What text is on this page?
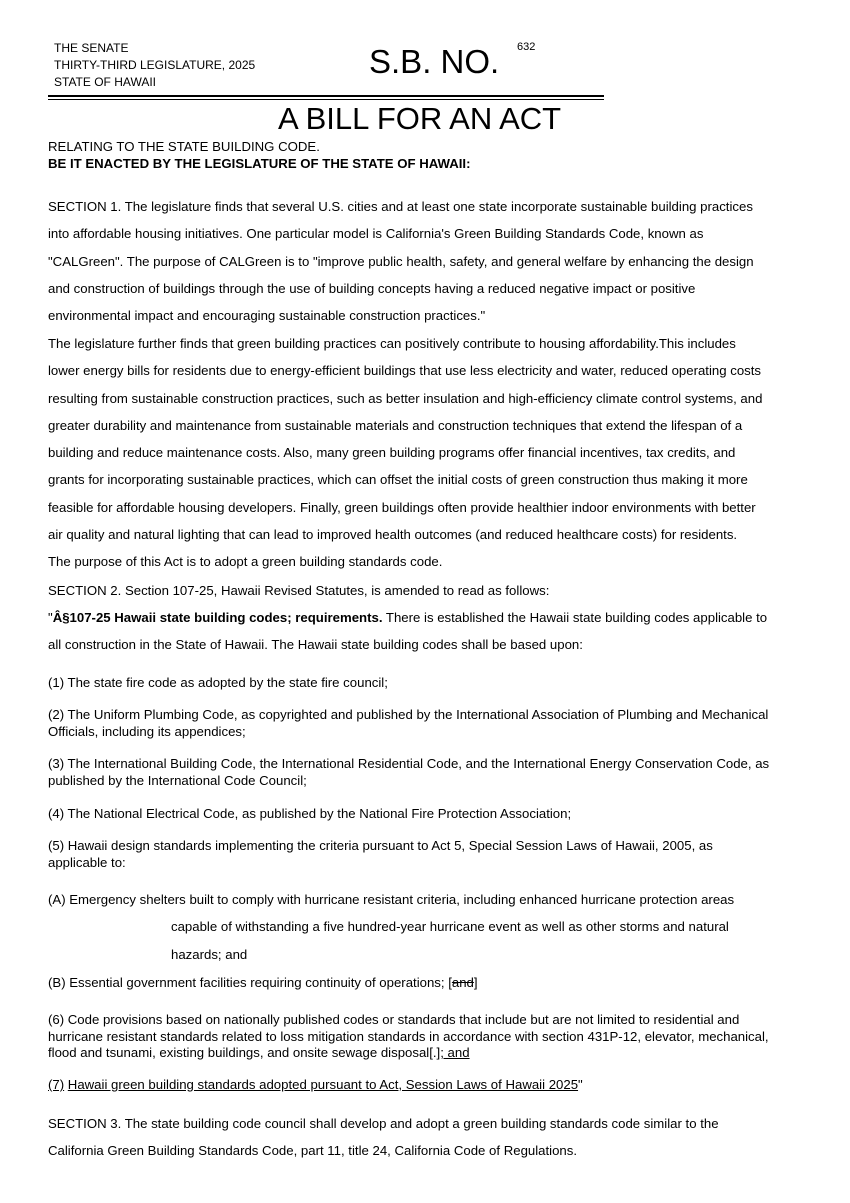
THE SENATE
THIRTY-THIRD LEGISLATURE, 2025
STATE OF HAWAII
S.B. NO. 632
A BILL FOR AN ACT
RELATING TO THE STATE BUILDING CODE.
BE IT ENACTED BY THE LEGISLATURE OF THE STATE OF HAWAII:
SECTION 1. The legislature finds that several U.S. cities and at least one state incorporate sustainable building practices
into affordable housing initiatives. One particular model is California's Green Building Standards Code, known as
"CALGreen". The purpose of CALGreen is to "improve public health, safety, and general welfare by enhancing the design
and construction of buildings through the use of building concepts having a reduced negative impact or positive
environmental impact and encouraging sustainable construction practices."
The legislature further finds that green building practices can positively contribute to housing affordability.This includes
lower energy bills for residents due to energy-efficient buildings that use less electricity and water, reduced operating costs
resulting from sustainable construction practices, such as better insulation and high-efficiency climate control systems, and
greater durability and maintenance from sustainable materials and construction techniques that extend the lifespan of a
building and reduce maintenance costs. Also, many green building programs offer financial incentives, tax credits, and
grants for incorporating sustainable practices, which can offset the initial costs of green construction thus making it more
feasible for affordable housing developers. Finally, green buildings often provide healthier indoor environments with better
air quality and natural lighting that can lead to improved health outcomes (and reduced healthcare costs) for residents.
The purpose of this Act is to adopt a green building standards code.
SECTION 2. Section 107-25, Hawaii Revised Statutes, is amended to read as follows:
"Â§107-25 Hawaii state building codes; requirements. There is established the Hawaii state building codes applicable to
all construction in the State of Hawaii. The Hawaii state building codes shall be based upon:
(1) The state fire code as adopted by the state fire council;
(2) The Uniform Plumbing Code, as copyrighted and published by the International Association of Plumbing and Mechanical
Officials, including its appendices;
(3) The International Building Code, the International Residential Code, and the International Energy Conservation Code, as
published by the International Code Council;
(4) The National Electrical Code, as published by the National Fire Protection Association;
(5) Hawaii design standards implementing the criteria pursuant to Act 5, Special Session Laws of Hawaii, 2005, as
applicable to:
(A) Emergency shelters built to comply with hurricane resistant criteria, including enhanced hurricane protection areas
capable of withstanding a five hundred-year hurricane event as well as other storms and natural
hazards; and
(B) Essential government facilities requiring continuity of operations; [and]
(6) Code provisions based on nationally published codes or standards that include but are not limited to residential and
hurricane resistant standards related to loss mitigation standards in accordance with section 431P-12, elevator, mechanical,
flood and tsunami, existing buildings, and onsite sewage disposal[.]; and
(7) Hawaii green building standards adopted pursuant to Act, Session Laws of Hawaii 2025"
SECTION 3. The state building code council shall develop and adopt a green building standards code similar to the
California Green Building Standards Code, part 11, title 24, California Code of Regulations.
